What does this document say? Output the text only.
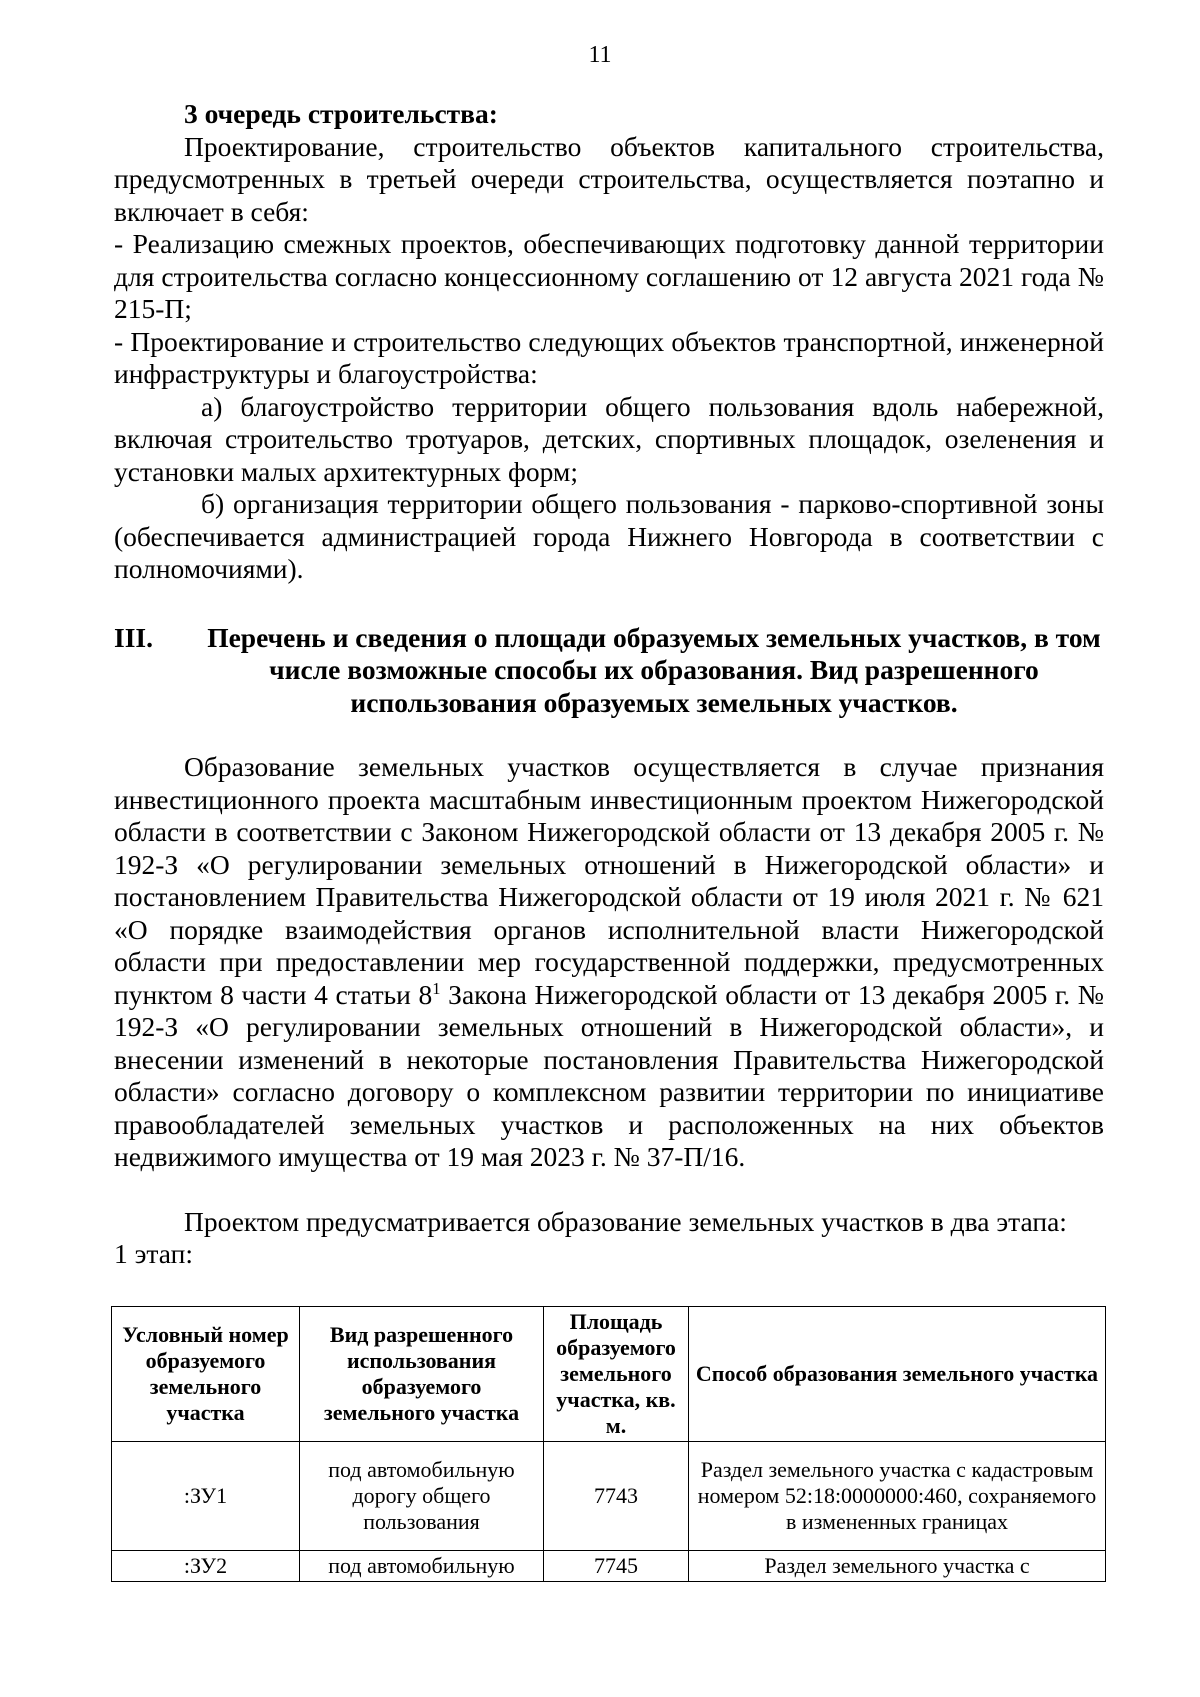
11

3 очередь строительства:

Проектирование, строительство объектов капитального строительства, предусмотренных в третьей очереди строительства, осуществляется поэтапно и включает в себя:

- Реализацию смежных проектов, обеспечивающих подготовку данной территории для строительства согласно концессионному соглашению от 12 августа 2021 года № 215-П;

- Проектирование и строительство следующих объектов транспортной, инженерной инфраструктуры и благоустройства:

а) благоустройство территории общего пользования вдоль набережной, включая строительство тротуаров, детских, спортивных площадок, озеленения и установки малых архитектурных форм;

б) организация территории общего пользования - парково-спортивной зоны (обеспечивается администрацией города Нижнего Новгорода в соответствии с полномочиями).

III.	Перечень и сведения о площади образуемых земельных участков, в том числе возможные способы их образования. Вид разрешенного использования образуемых земельных участков.

Образование земельных участков осуществляется в случае признания инвестиционного проекта масштабным инвестиционным проектом Нижегородской области в соответствии с Законом Нижегородской области от 13 декабря 2005 г. № 192-З «О регулировании земельных отношений в Нижегородской области» и постановлением Правительства Нижегородской области от 19 июля 2021 г. № 621 «О порядке взаимодействия органов исполнительной власти Нижегородской области при предоставлении мер государственной поддержки, предусмотренных пунктом 8 части 4 статьи $8^1$ Закона Нижегородской области от 13 декабря 2005 г. № 192-З «О регулировании земельных отношений в Нижегородской области», и внесении изменений в некоторые постановления Правительства Нижегородской области» согласно договору о комплексном развитии территории по инициативе правообладателей земельных участков и расположенных на них объектов недвижимого имущества от 19 мая 2023 г. № 37-П/16.

Проектом предусматривается образование земельных участков в два этапа:

1 этап:

Условный номер образуемого земельного участка	Вид разрешенного использования образуемого земельного участка	Площадь образуемого земельного участка, кв. м.	Способ образования земельного участка
:ЗУ1	под автомобильную дорогу общего пользования	7743	Раздел земельного участка с кадастровым номером 52:18:0000000:460, сохраняемого в измененных границах
:ЗУ2	под автомобильную	7745	Раздел земельного участка с
